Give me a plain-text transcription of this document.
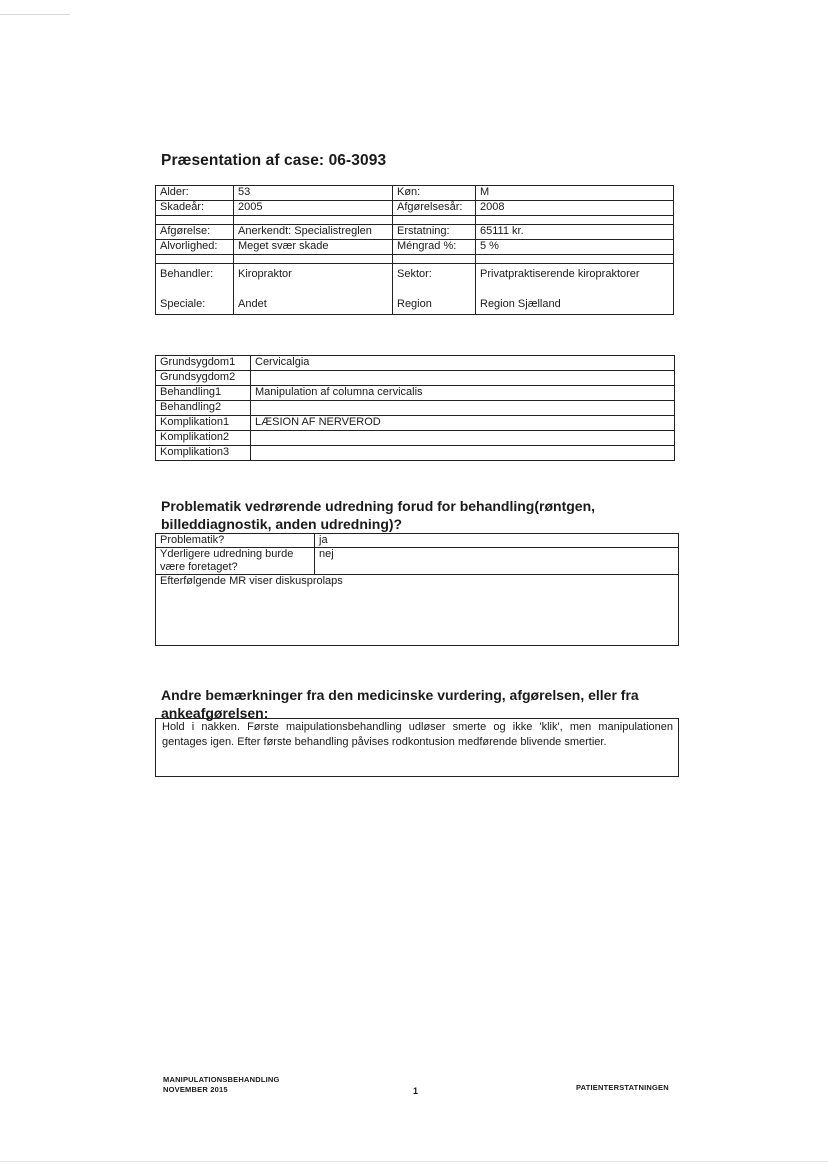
Præsentation af case: 06-3093
Alder:	53	Køn:	M
Skadeår:	2005	Afgørelsesår:	2008

Afgørelse:	Anerkendt: Specialistreglen	Erstatning:	65111 kr.
Alvorlighed:	Meget svær skade	Méngrad %:	5 %

Behandler:	Kiropraktor	Sektor:	Privatpraktiserende kiropraktorer
Speciale:	Andet	Region	Region Sjælland
Grundsygdom1	Cervicalgia
Grundsygdom2	
Behandling1	Manipulation af columna cervicalis
Behandling2	
Komplikation1	LÆSION AF NERVEROD
Komplikation2	
Komplikation3	
Problematik vedrørende udredning forud for behandling(røntgen, billeddiagnostik, anden udredning)?
Problematik?	ja
Yderligere udredning burde være foretaget?	nej
Efterfølgende MR viser diskusprolaps	
Andre bemærkninger fra den medicinske vurdering, afgørelsen, eller fra ankeafgørelsen:
Hold i nakken. Første maipulationsbehandling udløser smerte og ikke 'klik', men manipulationen gentages igen. Efter første behandling påvises rodkontusion medførende blivende smertier.
MANIPULATIONSBEHANDLING
NOVEMBER 2015	1	PATIENTERSTATNINGEN
